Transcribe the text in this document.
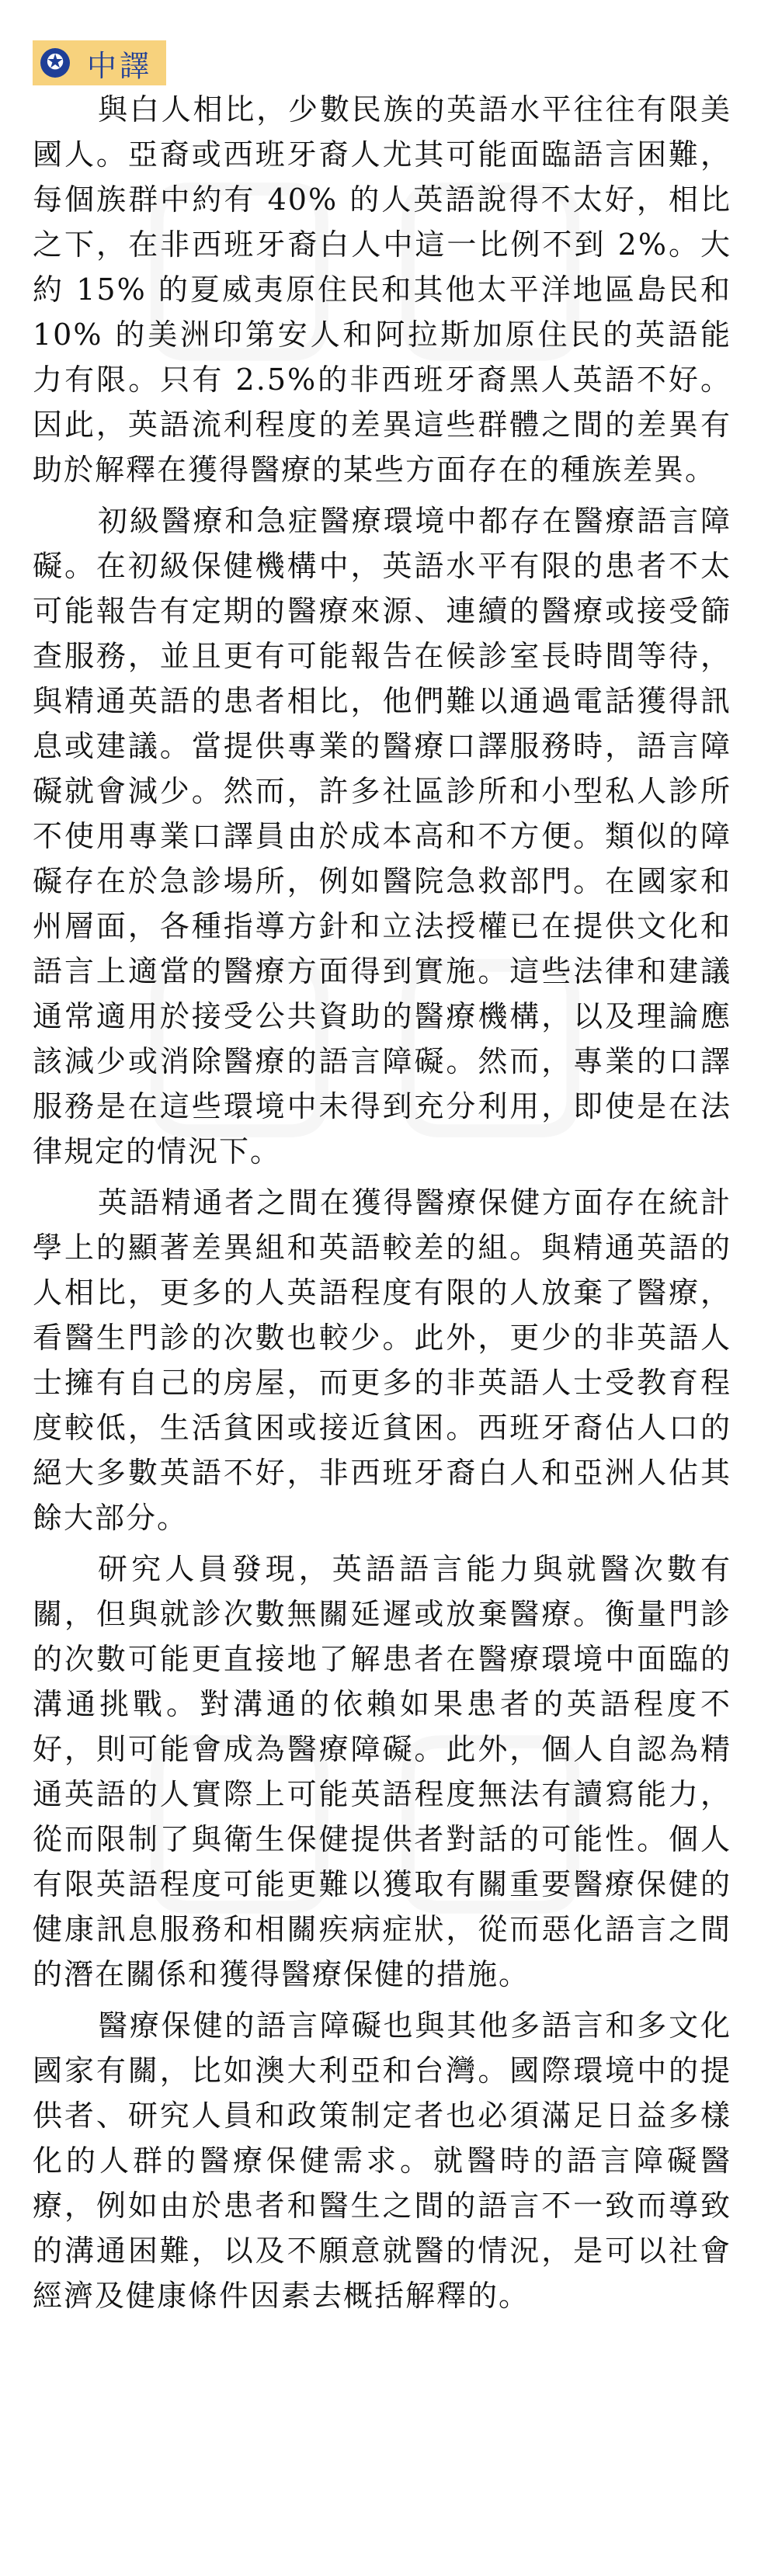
✪ 中譯

與白人相比，少數民族的英語水平往往有限美國人。亞裔或西班牙裔人尤其可能面臨語言困難，每個族群中約有 40% 的人英語說得不太好，相比之下，在非西班牙裔白人中這一比例不到 2%。大約 15% 的夏威夷原住民和其他太平洋地區島民和 10% 的美洲印第安人和阿拉斯加原住民的英語能力有限。只有 2.5%的非西班牙裔黑人英語不好。因此，英語流利程度的差異這些群體之間的差異有助於解釋在獲得醫療的某些方面存在的種族差異。

初級醫療和急症醫療環境中都存在醫療語言障礙。在初級保健機構中，英語水平有限的患者不太可能報告有定期的醫療來源、連續的醫療或接受篩查服務，並且更有可能報告在候診室長時間等待，與精通英語的患者相比，他們難以通過電話獲得訊息或建議。當提供專業的醫療口譯服務時，語言障礙就會減少。然而，許多社區診所和小型私人診所不使用專業口譯員由於成本高和不方便。類似的障礙存在於急診場所，例如醫院急救部門。在國家和州層面，各種指導方針和立法授權已在提供文化和語言上適當的醫療方面得到實施。這些法律和建議通常適用於接受公共資助的醫療機構，以及理論應該減少或消除醫療的語言障礙。然而，專業的口譯服務是在這些環境中未得到充分利用，即使是在法律規定的情況下。

英語精通者之間在獲得醫療保健方面存在統計學上的顯著差異組和英語較差的組。與精通英語的人相比，更多的人英語程度有限的人放棄了醫療，看醫生門診的次數也較少。此外，更少的非英語人士擁有自己的房屋，而更多的非英語人士受教育程度較低，生活貧困或接近貧困。西班牙裔佔人口的絕大多數英語不好，非西班牙裔白人和亞洲人佔其餘大部分。

研究人員發現，英語語言能力與就醫次數有關，但與就診次數無關延遲或放棄醫療。衡量門診的次數可能更直接地了解患者在醫療環境中面臨的溝通挑戰。對溝通的依賴如果患者的英語程度不好，則可能會成為醫療障礙。此外，個人自認為精通英語的人實際上可能英語程度無法有讀寫能力，從而限制了與衛生保健提供者對話的可能性。個人有限英語程度可能更難以獲取有關重要醫療保健的健康訊息服務和相關疾病症狀，從而惡化語言之間的潛在關係和獲得醫療保健的措施。

醫療保健的語言障礙也與其他多語言和多文化國家有關，比如澳大利亞和台灣。國際環境中的提供者、研究人員和政策制定者也必須滿足日益多樣化的人群的醫療保健需求。就醫時的語言障礙醫療，例如由於患者和醫生之間的語言不一致而導致的溝通困難，以及不願意就醫的情況，是可以社會經濟及健康條件因素去概括解釋的。
